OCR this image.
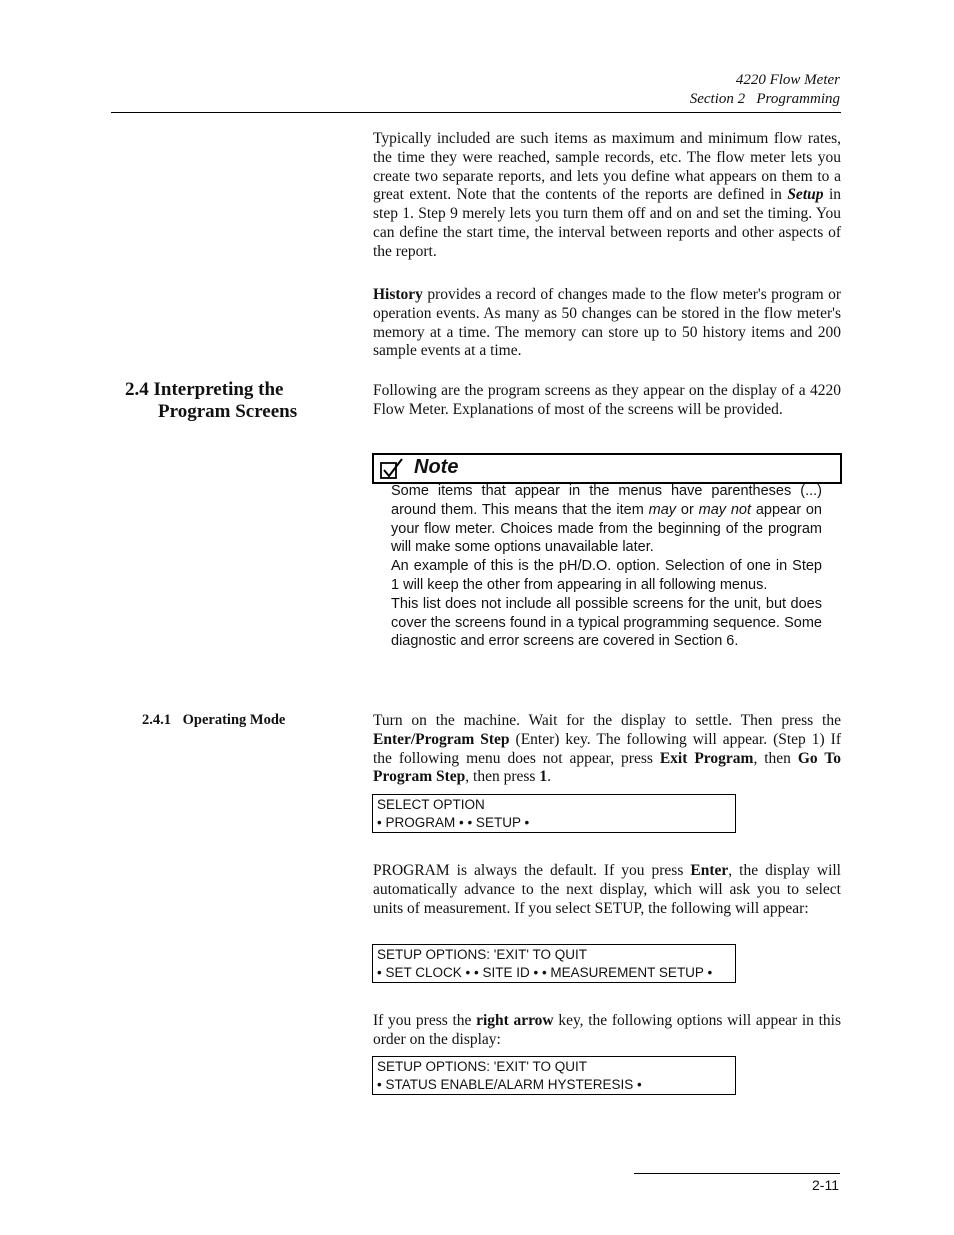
4220 Flow Meter
Section 2   Programming
Typically included are such items as maximum and minimum flow rates, the time they were reached, sample records, etc. The flow meter lets you create two separate reports, and lets you define what appears on them to a great extent. Note that the contents of the reports are defined in Setup in step 1. Step 9 merely lets you turn them off and on and set the timing. You can define the start time, the interval between reports and other aspects of the report.
History provides a record of changes made to the flow meter's program or operation events. As many as 50 changes can be stored in the flow meter's memory at a time. The memory can store up to 50 history items and 200 sample events at a time.
2.4 Interpreting the
Program Screens
Following are the program screens as they appear on the display of a 4220 Flow Meter. Explanations of most of the screens will be provided.
Note

Some items that appear in the menus have parentheses (...) around them. This means that the item may or may not appear on your flow meter. Choices made from the beginning of the program will make some options unavailable later.

An example of this is the pH/D.O. option. Selection of one in Step 1 will keep the other from appearing in all following menus.

This list does not include all possible screens for the unit, but does cover the screens found in a typical programming sequence. Some diagnostic and error screens are covered in Section 6.

2.4.1 Operating Mode	Turn on the machine. Wait for the display to settle. Then press the Enter/Program Step (Enter) key. The following will appear. (Step 1) If the following menu does not appear, press Exit Program, then Go To Program Step, then press 1.
SELECT OPTION
• PROGRAM • • SETUP •
PROGRAM is always the default. If you press Enter, the display will automatically advance to the next display, which will ask you to select units of measurement. If you select SETUP, the following will appear:
SETUP OPTIONS: 'EXIT' TO QUIT
• SET CLOCK • • SITE ID • • MEASUREMENT SETUP •
If you press the right arrow key, the following options will appear in this order on the display:
SETUP OPTIONS: 'EXIT' TO QUIT
• STATUS ENABLE/ALARM HYSTERESIS •
2-11
